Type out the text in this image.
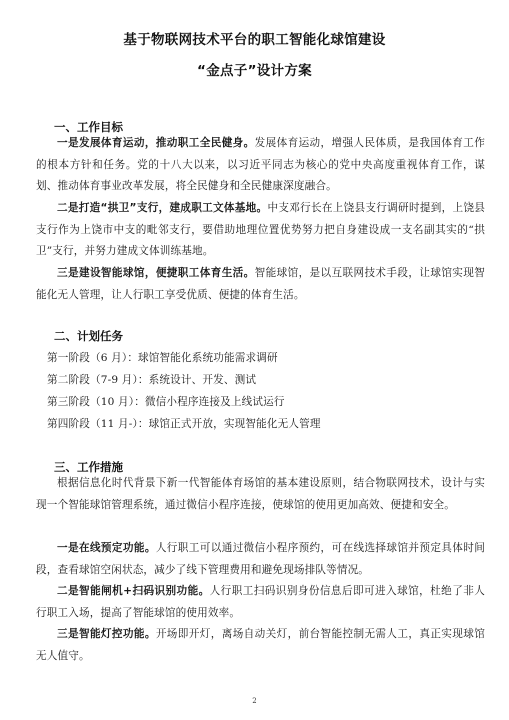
基于物联网技术平台的职工智能化球馆建设
“金点子”设计方案
一、工作目标
一是发展体育运动，推动职工全民健身。发展体育运动，增强人民体质，是我国体育工作的根本方针和任务。党的十八大以来，以习近平同志为核心的党中央高度重视体育工作，谋划、推动体育事业改革发展，将全民健身和全民健康深度融合。
二是打造“拱卫”支行，建成职工文体基地。中支邓行长在上饶县支行调研时提到，上饶县支行作为上饶市中支的毗邻支行，要借助地理位置优势努力把自身建设成一支名副其实的“拱卫”支行，并努力建成文体训练基地。
三是建设智能球馆，便捷职工体育生活。智能球馆，是以互联网技术手段，让球馆实现智能化无人管理，让人行职工享受优质、便捷的体育生活。
二、计划任务
第一阶段（6 月）：球馆智能化系统功能需求调研
第二阶段（7-9 月）：系统设计、开发、测试
第三阶段（10 月）：微信小程序连接及上线试运行
第四阶段（11 月-）：球馆正式开放，实现智能化无人管理
三、工作措施
根据信息化时代背景下新一代智能体育场馆的基本建设原则，结合物联网技术，设计与实现一个智能球馆管理系统，通过微信小程序连接，使球馆的使用更加高效、便捷和安全。
一是在线预定功能。人行职工可以通过微信小程序预约，可在线选择球馆并预定具体时间段，查看球馆空闲状态，减少了线下管理费用和避免现场排队等情况。
二是智能闸机+扫码识别功能。人行职工扫码识别身份信息后即可进入球馆，杜绝了非人行职工入场，提高了智能球馆的使用效率。
三是智能灯控功能。开场即开灯，离场自动关灯，前台智能控制无需人工，真正实现球馆无人值守。
2
